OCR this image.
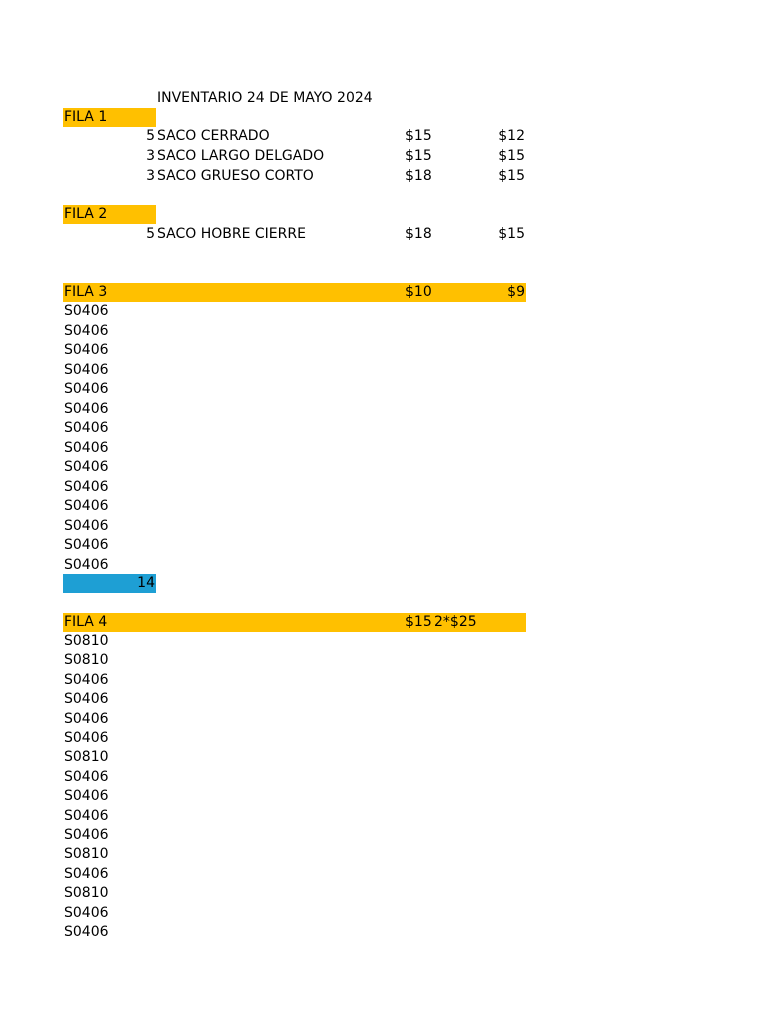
INVENTARIO 24 DE MAYO 2024
FILA 1
5 SACO CERRADO	$15	$12
3 SACO LARGO DELGADO	$15	$15
3 SACO GRUESO CORTO	$18	$15
FILA 2
5 SACO HOBRE CIERRE	$18	$15
FILA 3	$10	$9
S0406
S0406
S0406
S0406
S0406
S0406
S0406
S0406
S0406
S0406
S0406
S0406
S0406
S0406
14
FILA 4	$15 2*$25
S0810
S0810
S0406
S0406
S0406
S0406
S0810
S0406
S0406
S0406
S0406
S0810
S0406
S0810
S0406
S0406
